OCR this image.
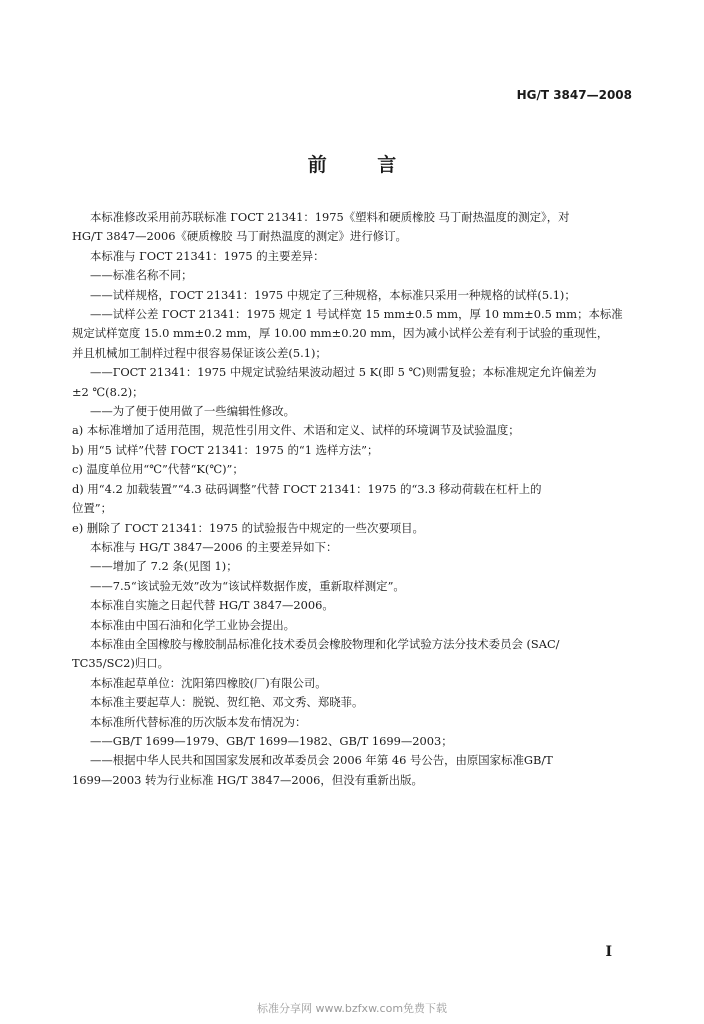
HG/T 3847—2008
前 言

本标准修改采用前苏联标准 ГОСТ 21341：1975《塑料和硬质橡胶 马丁耐热温度的测定》，对

HG/T 3847—2006《硬质橡胶 马丁耐热温度的测定》进行修订。

本标准与 ГОСТ 21341：1975 的主要差异：

——标准名称不同；

——试样规格，ГОСТ 21341：1975 中规定了三种规格，本标准只采用一种规格的试样(5.1)；

——试样公差 ГОСТ 21341：1975 规定 1 号试样宽 15 mm±0.5 mm，厚 10 mm±0.5 mm；本标准

规定试样宽度 15.0 mm±0.2 mm，厚 10.00 mm±0.20 mm，因为减小试样公差有利于试验的重现性，

并且机械加工制样过程中很容易保证该公差(5.1)；

——ГОСТ 21341：1975 中规定试验结果波动超过 5 K(即 5 ℃)则需复验；本标准规定允许偏差为

±2 ℃(8.2)；

——为了便于使用做了一些编辑性修改。

a) 本标准增加了适用范围，规范性引用文件、术语和定义、试样的环境调节及试验温度；

b) 用“5 试样”代替 ГОСТ 21341：1975 的“1 选样方法”；

c) 温度单位用“℃”代替“K(℃)”；

d) 用“4.2 加载装置”“4.3 砝码调整”代替 ГОСТ 21341：1975 的“3.3 移动荷载在杠杆上的

位置”；

e) 删除了 ГОСТ 21341：1975 的试验报告中规定的一些次要项目。

本标准与 HG/T 3847—2006 的主要差异如下：

——增加了 7.2 条(见图 1)；

——7.5“该试验无效”改为“该试样数据作废，重新取样测定”。

本标准自实施之日起代替 HG/T 3847—2006。

本标准由中国石油和化学工业协会提出。

本标准由全国橡胶与橡胶制品标准化技术委员会橡胶物理和化学试验方法分技术委员会 (SAC/

TC35/SC2)归口。

本标准起草单位：沈阳第四橡胶(厂)有限公司。

本标准主要起草人：脱锐、贺红艳、邓文秀、郑晓菲。

本标准所代替标准的历次版本发布情况为：

——GB/T 1699—1979、GB/T 1699—1982、GB/T 1699—2003；

——根据中华人民共和国国家发展和改革委员会 2006 年第 46 号公告，由原国家标准GB/T

1699—2003 转为行业标准 HG/T 3847—2006，但没有重新出版。

I
标准分享网 www.bzfxw.com免费下载
